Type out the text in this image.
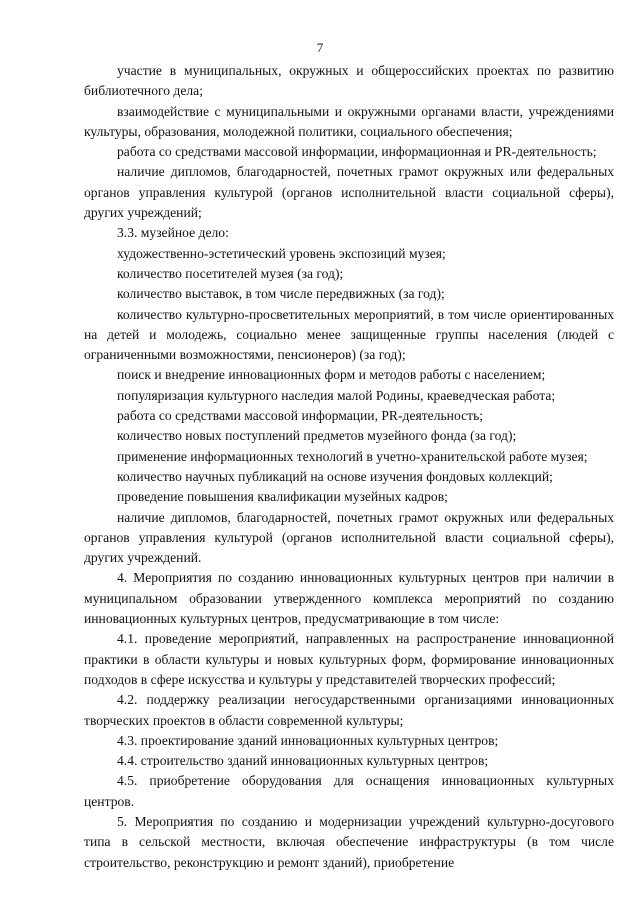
7

участие в муниципальных, окружных и общероссийских проектах по развитию библиотечного дела;

взаимодействие с муниципальными и окружными органами власти, учреждениями культуры, образования, молодежной политики, социального обеспечения;

работа со средствами массовой информации, информационная и PR-деятельность;

наличие дипломов, благодарностей, почетных грамот окружных или федеральных органов управления культурой (органов исполнительной власти социальной сферы), других учреждений;

3.3. музейное дело:

художественно-эстетический уровень экспозиций музея;

количество посетителей музея (за год);

количество выставок, в том числе передвижных (за год);

количество культурно-просветительных мероприятий, в том числе ориентированных на детей и молодежь, социально менее защищенные группы населения (людей с ограниченными возможностями, пенсионеров) (за год);

поиск и внедрение инновационных форм и методов работы с населением;

популяризация культурного наследия малой Родины, краеведческая работа;

работа со средствами массовой информации, PR-деятельность;

количество новых поступлений предметов музейного фонда (за год);

применение информационных технологий в учетно-хранительской работе музея;

количество научных публикаций на основе изучения фондовых коллекций;

проведение повышения квалификации музейных кадров;

наличие дипломов, благодарностей, почетных грамот окружных или федеральных органов управления культурой (органов исполнительной власти социальной сферы), других учреждений.

4. Мероприятия по созданию инновационных культурных центров при наличии в муниципальном образовании утвержденного комплекса мероприятий по созданию инновационных культурных центров, предусматривающие в том числе:

4.1. проведение мероприятий, направленных на распространение инновационной практики в области культуры и новых культурных форм, формирование инновационных подходов в сфере искусства и культуры у представителей творческих профессий;

4.2. поддержку реализации негосударственными организациями инновационных творческих проектов в области современной культуры;

4.3. проектирование зданий инновационных культурных центров;

4.4. строительство зданий инновационных культурных центров;

4.5. приобретение оборудования для оснащения инновационных культурных центров.

5. Мероприятия по созданию и модернизации учреждений культурно-досугового типа в сельской местности, включая обеспечение инфраструктуры (в том числе строительство, реконструкцию и ремонт зданий), приобретение
